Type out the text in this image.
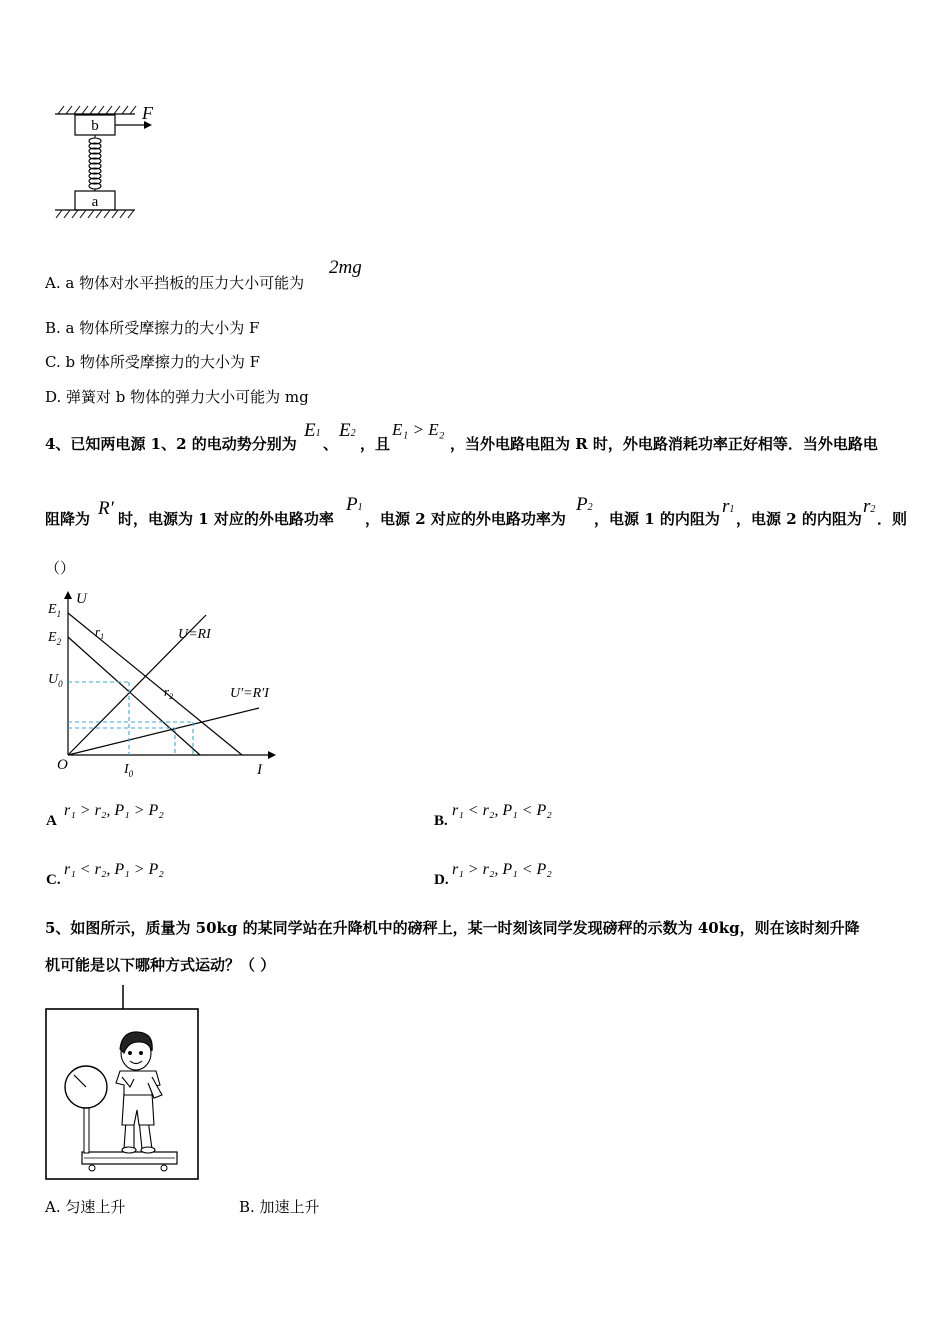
b
F
a
A. a 物体对水平挡板的压力大小可能为
2mg
B. a 物体所受摩擦力的大小为 F
C. b 物体所受摩擦力的大小为 F
D. 弹簧对 b 物体的弹力大小可能为 mg
4、已知两电源 1、2 的电动势分别为
E1
、
E2
，且
E₁ > E₂
，当外电路电阻为 R 时，外电路消耗功率正好相等．当外电路电
阻降为 R′ 时，电源为 1 对应的外电路功率
P1
，电源 2 对应的外电路功率为
P2
，电源 1 的内阻为
r1
，电源 2 的内阻为
r2
．则
（）
U
I
O
$E_1$
$E_2$
$U_0$
$I_0$
$r_1$
$r_2$
U=RI
U′=R′I
A
r₁ > r₂, P₁ > P₂
B.
r₁ < r₂, P₁ < P₂
C.
r₁ < r₂, P₁ > P₂
D.
r₁ > r₂, P₁ < P₂
5、如图所示，质量为 50kg 的某同学站在升降机中的磅秤上，某一时刻该同学发现磅秤的示数为 40kg，则在该时刻升降
机可能是以下哪种方式运动？（ ）
A. 匀速上升	B. 加速上升
